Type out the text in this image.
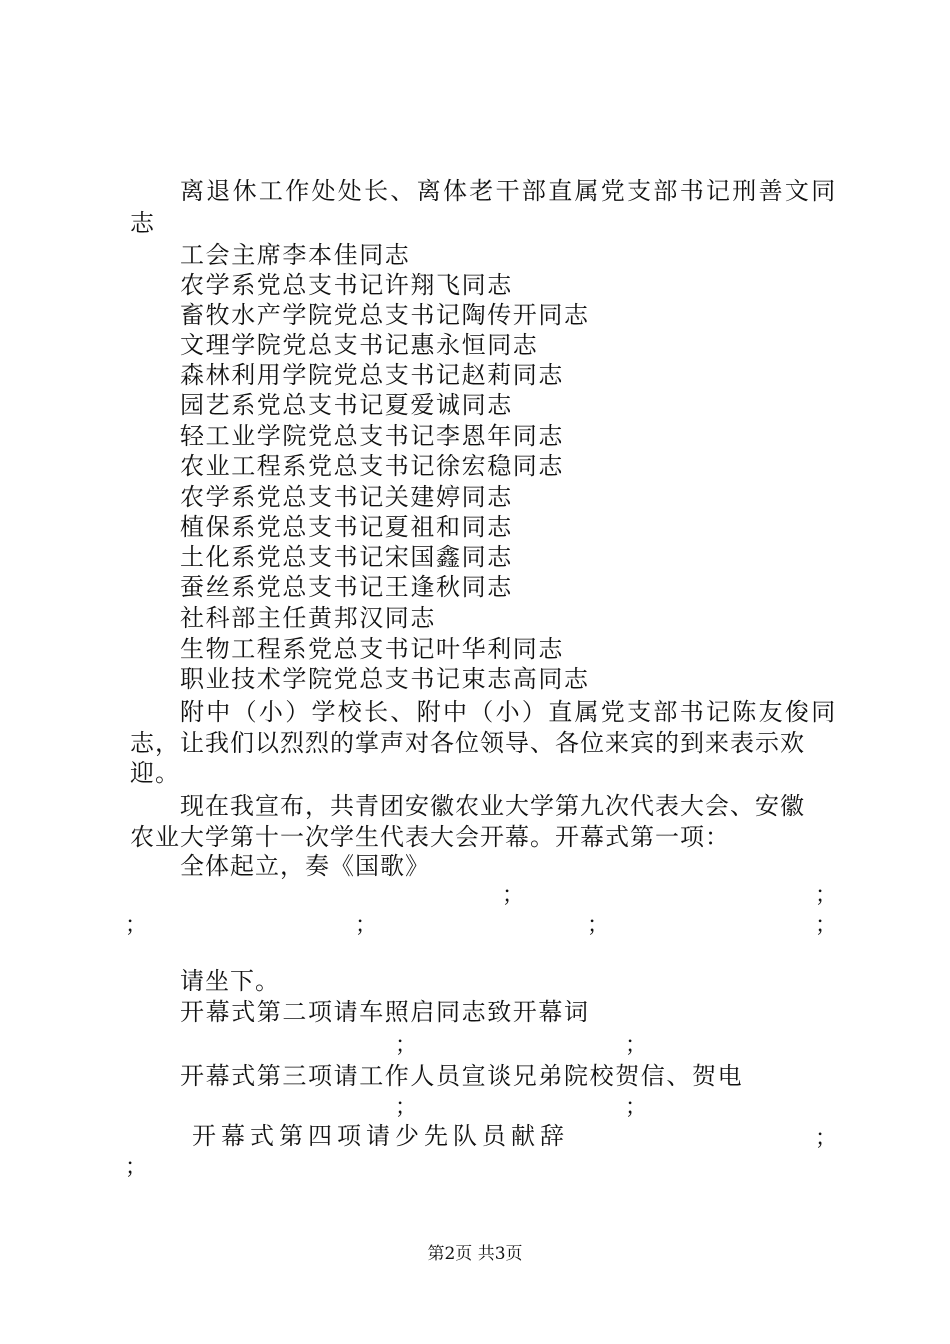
离退休工作处处长、离体老干部直属党支部书记刑善文同
志
工会主席李本佳同志
农学系党总支书记许翔飞同志
畜牧水产学院党总支书记陶传开同志
文理学院党总支书记惠永恒同志
森林利用学院党总支书记赵莉同志
园艺系党总支书记夏爱诚同志
轻工业学院党总支书记李恩年同志
农业工程系党总支书记徐宏稳同志
农学系党总支书记关建婷同志
植保系党总支书记夏祖和同志
土化系党总支书记宋国鑫同志
蚕丝系党总支书记王逢秋同志
社科部主任黄邦汉同志
生物工程系党总支书记叶华利同志
职业技术学院党总支书记束志高同志
附中（小）学校长、附中（小）直属党支部书记陈友俊同
志，让我们以烈烈的掌声对各位领导、各位来宾的到来表示欢
迎。
现在我宣布，共青团安徽农业大学第九次代表大会、安徽
农业大学第十一次学生代表大会开幕。开幕式第一项：
全体起立，奏《国歌》
；	；
；	；	；	；
请坐下。
开幕式第二项请车照启同志致开幕词
；	；
开幕式第三项请工作人员宣谈兄弟院校贺信、贺电
；	；
开幕式第四项请少先队员献辞	；
；
第2页 共3页
